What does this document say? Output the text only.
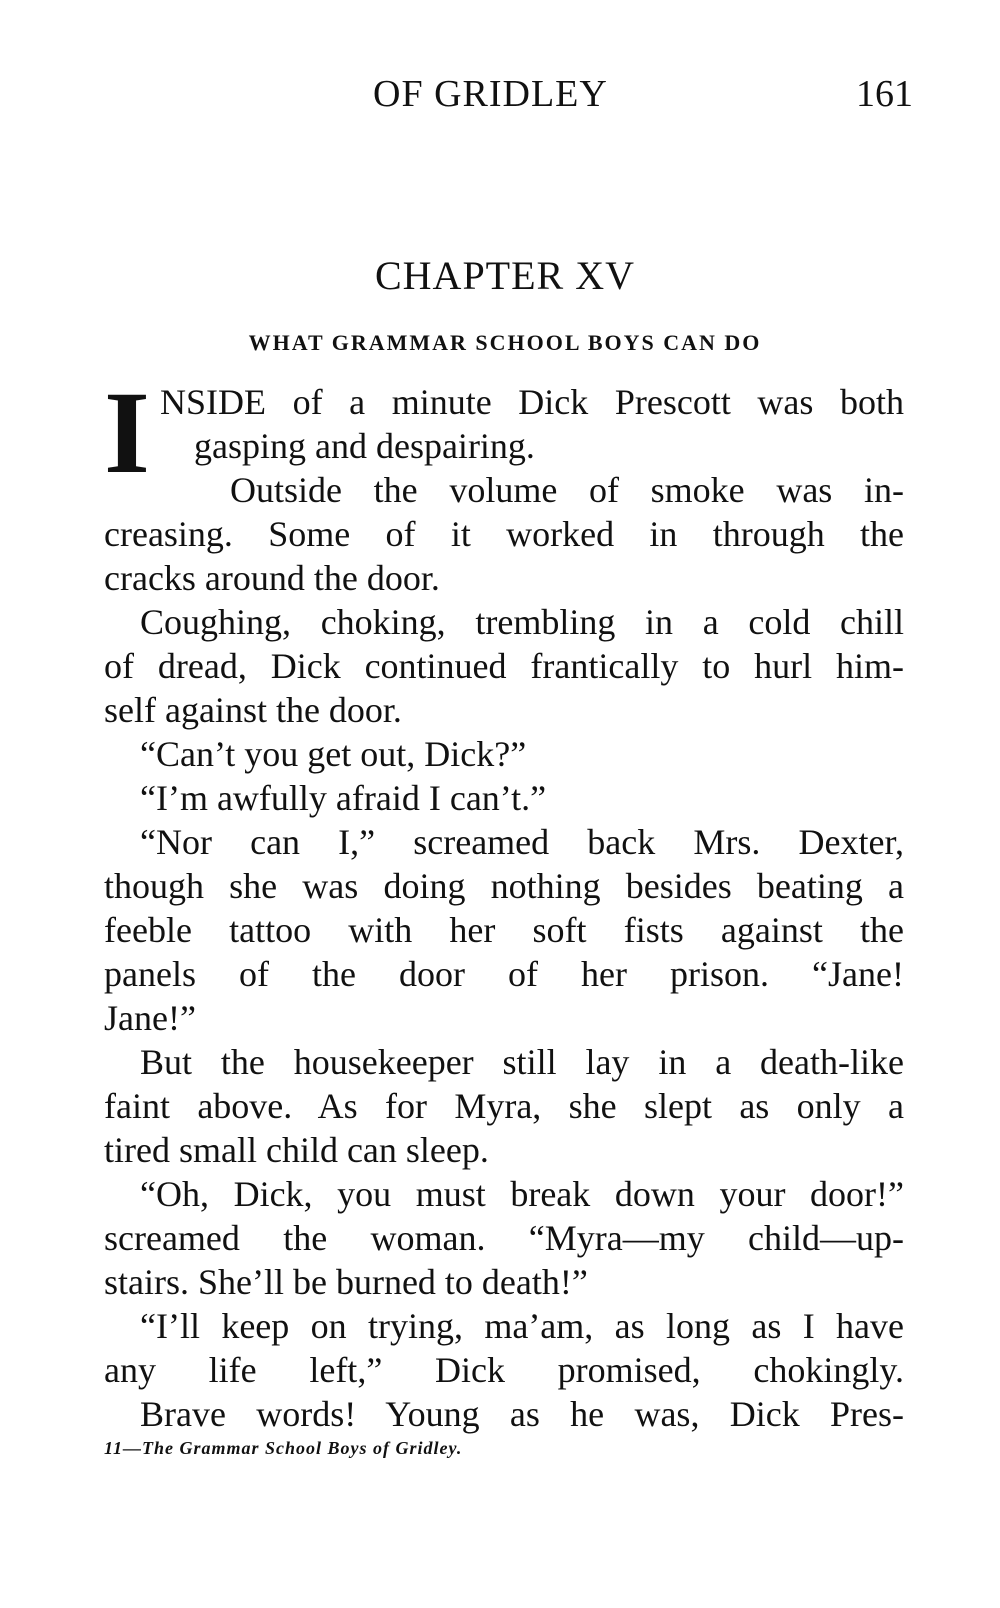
OF GRIDLEY	161
CHAPTER XV
WHAT GRAMMAR SCHOOL BOYS CAN DO
I NSIDE of a minute Dick Prescott was both
gasping and despairing.
Outside the volume of smoke was in-
creasing. Some of it worked in through the
cracks around the door.
Coughing, choking, trembling in a cold chill
of dread, Dick continued frantically to hurl him-
self against the door.
“Can’t you get out, Dick?”
“I’m awfully afraid I can’t.”
“Nor can I,” screamed back Mrs. Dexter,
though she was doing nothing besides beating a
feeble tattoo with her soft fists against the
panels of the door of her prison. “Jane!
Jane!”
But the housekeeper still lay in a death-like
faint above. As for Myra, she slept as only a
tired small child can sleep.
“Oh, Dick, you must break down your door!”
screamed the woman. “Myra—my child—up-
stairs. She’ll be burned to death!”
“I’ll keep on trying, ma’am, as long as I have
any life left,” Dick promised, chokingly.
Brave words! Young as he was, Dick Pres-
11—The Grammar School Boys of Gridley.
